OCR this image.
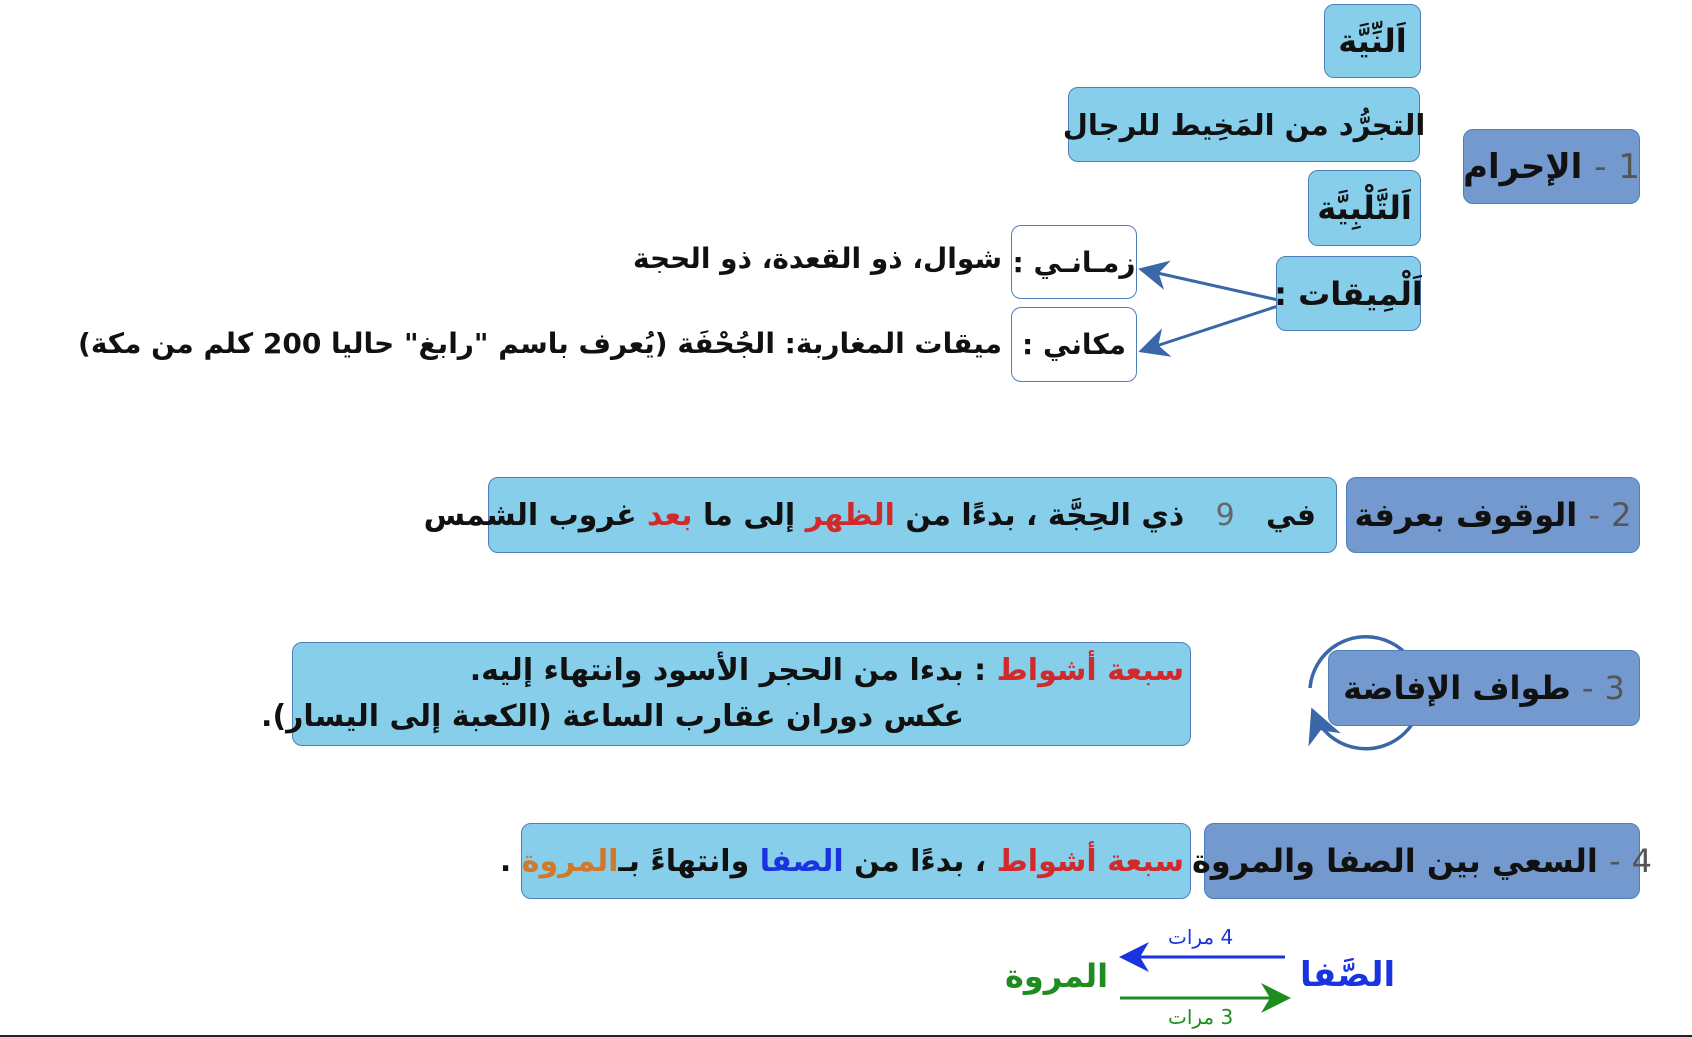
1

-

الإحرام
اَلنِّيَّة
التجرُّد من المَخِيط للرجال
اَلتَّلْبِيَّة
اَلْمِيقات :
زمـانـي :
شوال، ذو القعدة، ذو الحجة
مكاني :
ميقات المغاربة: الجُحْفَة (يُعرف باسم "رابغ" حاليا 200 كلم من مكة)
2

-

الوقوف بعرفة
في

9

ذي الحِجَّة ، بدءًا من

الظهر

إلى ما

بعد

غروب الشمس
3

-

طواف الإفاضة
سبعة أشواط : بدءا من الحجر الأسود وانتهاء إليه.
عكس دوران عقارب الساعة (الكعبة إلى اليسار).
4

-

السعي بين الصفا والمروة
سبعة أشواط

، بدءًا من

الصفا

وانتهاءً بـ
المروة

.
الصَّفا
المروة
4 مرات
3 مرات
